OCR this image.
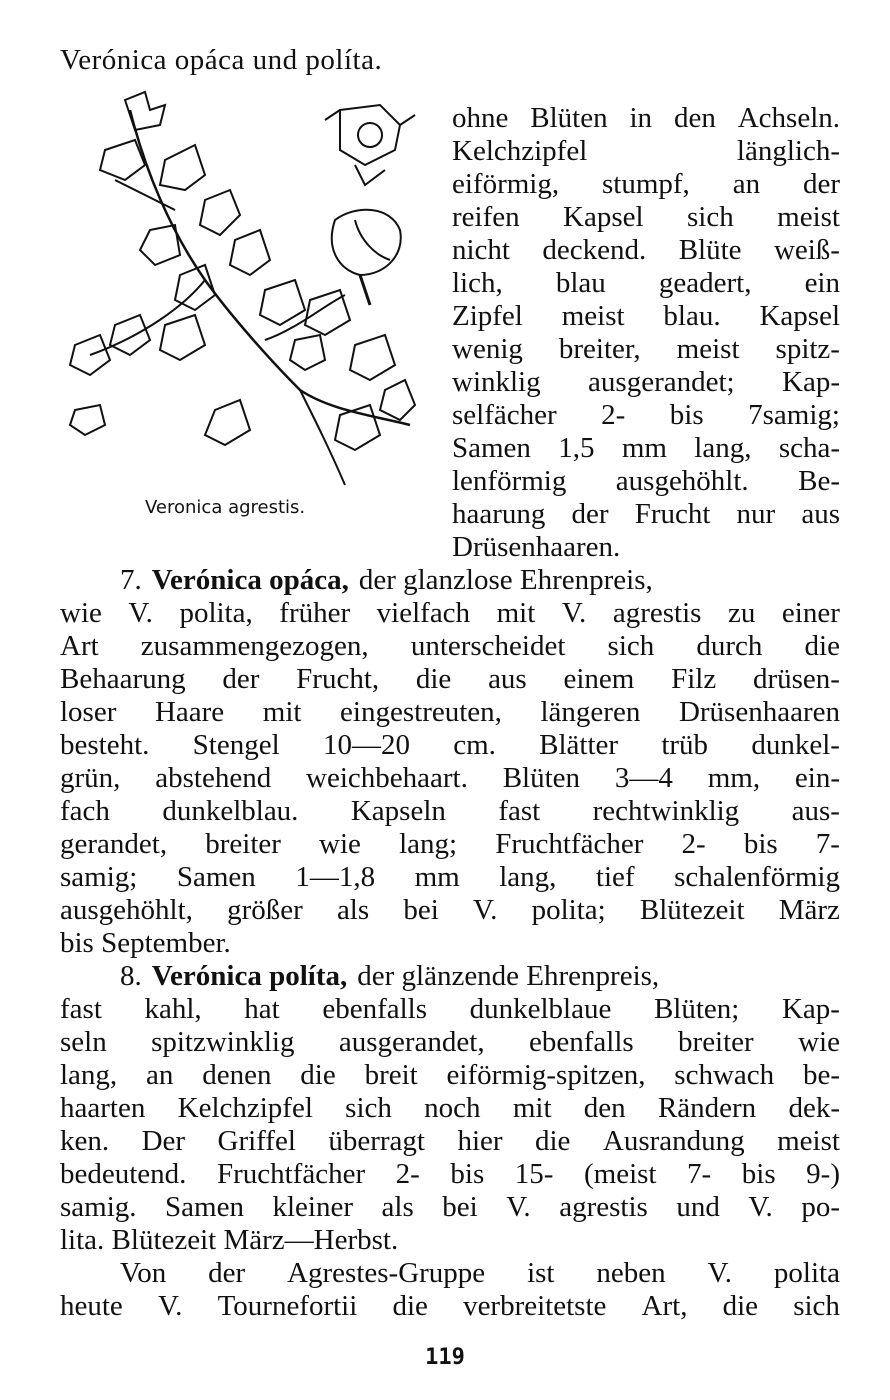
Verónica opáca und políta.
Veronica agrestis.
ohne Blüten in den Achseln.
Kelchzipfel	länglich-
eiförmig, stumpf, an der
reifen Kapsel sich meist
nicht deckend. Blüte weiß-
lich, blau geadert, ein
Zipfel meist blau. Kapsel
wenig breiter, meist spitz-
winklig ausgerandet; Kap-
selfächer 2- bis 7samig;
Samen 1,5 mm lang, scha-
lenförmig ausgehöhlt. Be-
haarung der Frucht nur aus
Drüsenhaaren.
7. Verónica opáca, der glanzlose Ehrenpreis,
wie V. polita, früher vielfach mit V. agrestis zu einer
Art zusammengezogen, unterscheidet sich durch die
Behaarung der Frucht, die aus einem Filz drüsen-
loser Haare mit eingestreuten, längeren Drüsenhaaren
besteht. Stengel 10—20 cm. Blätter trüb dunkel-
grün, abstehend weichbehaart. Blüten 3—4 mm, ein-
fach dunkelblau. Kapseln fast rechtwinklig aus-
gerandet, breiter wie lang; Fruchtfächer 2- bis 7-
samig; Samen 1—1,8 mm lang, tief schalenförmig
ausgehöhlt, größer als bei V. polita; Blütezeit März
bis September.
8. Verónica políta, der glänzende Ehrenpreis,
fast kahl, hat ebenfalls dunkelblaue Blüten; Kap-
seln spitzwinklig ausgerandet, ebenfalls breiter wie
lang, an denen die breit eiförmig-spitzen, schwach be-
haarten Kelchzipfel sich noch mit den Rändern dek-
ken. Der Griffel überragt hier die Ausrandung meist
bedeutend. Fruchtfächer 2- bis 15- (meist 7- bis 9-)
samig. Samen kleiner als bei V. agrestis und V. po-
lita. Blütezeit März—Herbst.
Von der Agrestes-Gruppe ist neben V. polita
heute V. Tournefortii die verbreitetste Art, die sich
119
